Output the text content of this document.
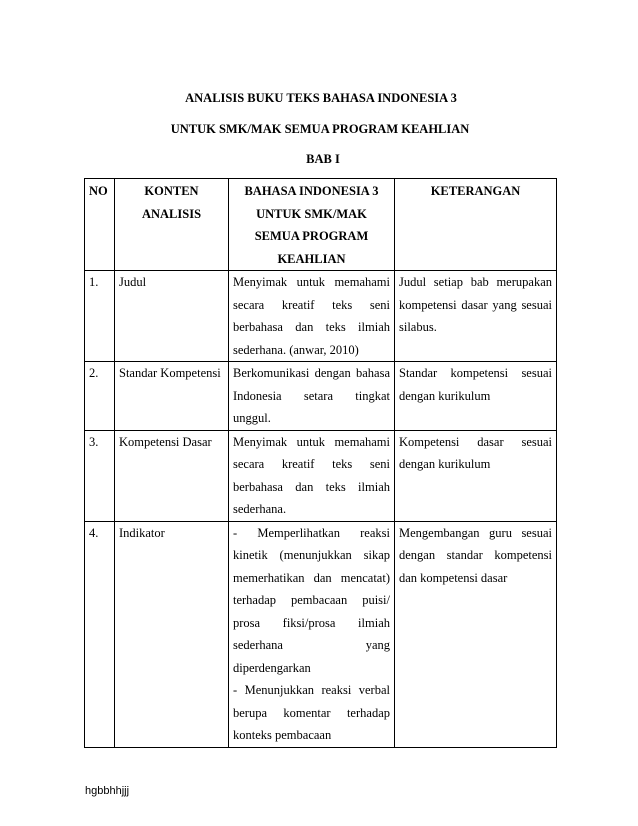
ANALISIS BUKU TEKS BAHASA INDONESIA 3
UNTUK SMK/MAK SEMUA PROGRAM KEAHLIAN
BAB I
NO	KONTEN ANALISIS	BAHASA INDONESIA 3 UNTUK SMK/MAK SEMUA PROGRAM KEAHLIAN	KETERANGAN
1.	Judul	Menyimak untuk memahami secara kreatif teks seni berbahasa dan teks ilmiah sederhana. (anwar, 2010)	Judul setiap bab merupakan kompetensi dasar yang sesuai silabus.
2.	Standar Kompetensi	Berkomunikasi dengan bahasa Indonesia setara tingkat unggul.	Standar kompetensi sesuai dengan kurikulum
3.	Kompetensi Dasar	Menyimak untuk memahami secara kreatif teks seni berbahasa dan teks ilmiah sederhana.	Kompetensi dasar sesuai dengan kurikulum
4.	Indikator	- Memperlihatkan reaksi kinetik (menunjukkan sikap memerhatikan dan mencatat) terhadap pembacaan puisi/ prosa fiksi/prosa ilmiah sederhana yang diperdengarkan
- Menunjukkan reaksi verbal berupa komentar terhadap konteks pembacaan	Mengembangan guru sesuai dengan standar kompetensi dan kompetensi dasar
hgbbhhjjj
